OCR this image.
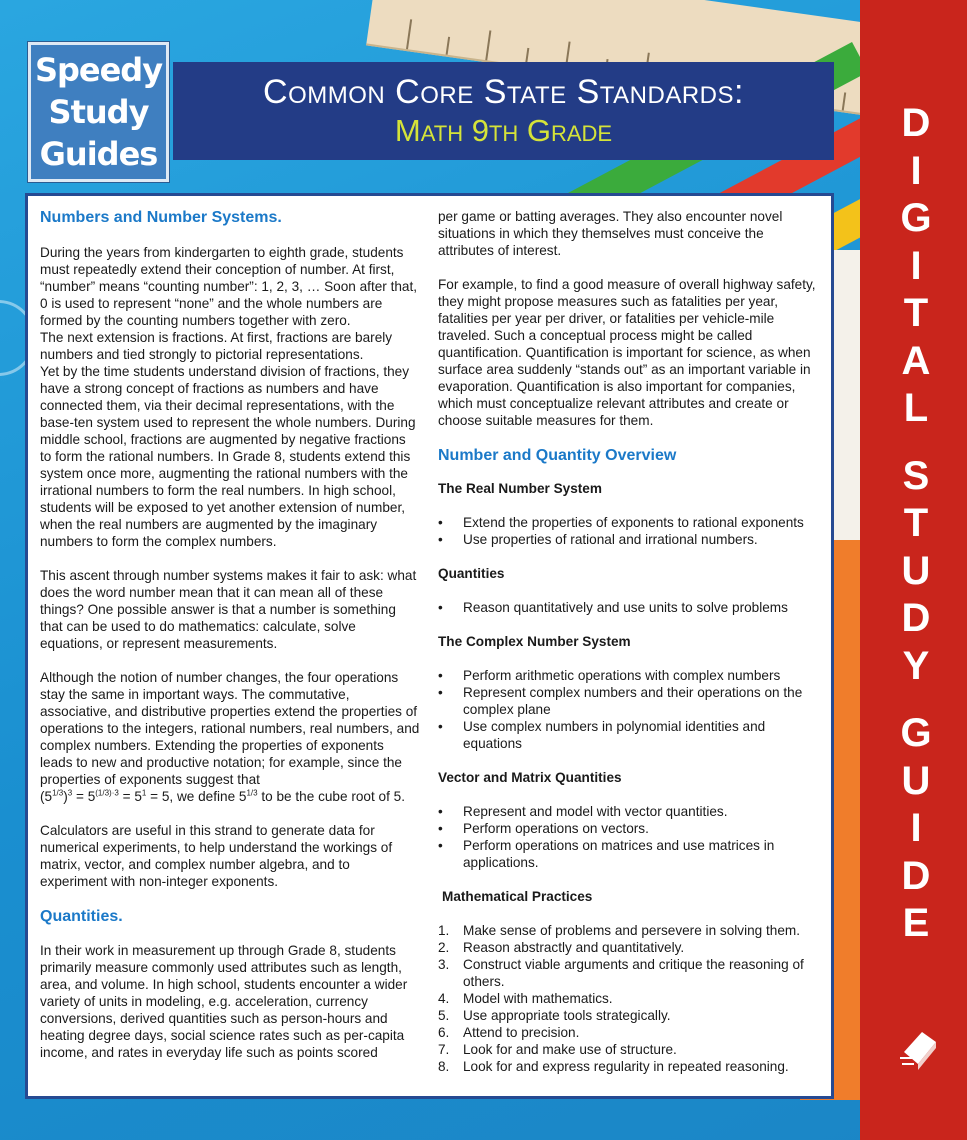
Speedy
Study
Guides
Common Core State Standards:
Math 9th Grade	D
I
G
I
T
A
L
S
T
U
D
Y
G
U
I
D
E
Numbers and Number Systems.

During the years from kindergarten to eighth grade, students must repeatedly extend their conception of number. At first, “number” means “counting number”: 1, 2, 3, … Soon after that, 0 is used to represent “none” and the whole numbers are formed by the counting numbers together with zero.

The next extension is fractions. At first, fractions are barely numbers and tied strongly to pictorial representations.

Yet by the time students understand division of fractions, they have a strong concept of fractions as numbers and have connected them, via their decimal representations, with the base-ten system used to represent the whole numbers. During middle school, fractions are augmented by negative fractions to form the rational numbers. In Grade 8, students extend this system once more, augmenting the rational numbers with the irrational numbers to form the real numbers. In high school, students will be exposed to yet another extension of number, when the real numbers are augmented by the imaginary numbers to form the complex numbers.

This ascent through number systems makes it fair to ask: what does the word number mean that it can mean all of these things? One possible answer is that a number is something that can be used to do mathematics: calculate, solve equations, or represent measurements.

Although the notion of number changes, the four operations stay the same in important ways. The commutative, associative, and distributive properties extend the properties of operations to the integers, rational numbers, real numbers, and complex numbers. Extending the properties of exponents leads to new and productive notation; for example, since the properties of exponents suggest that

$(5^{1/3})^3 = 5^{(1/3)\cdot 3} = 5^1 = 5$, we define $5^{1/3}$ to be the cube root of 5.

Calculators are useful in this strand to generate data for numerical experiments, to help understand the workings of matrix, vector, and complex number algebra, and to experiment with non-integer exponents.

Quantities.

In their work in measurement up through Grade 8, students primarily measure commonly used attributes such as length, area, and volume. In high school, students encounter a wider variety of units in modeling, e.g. acceleration, currency conversions, derived quantities such as person-hours and heating degree days, social science rates such as per-capita income, and rates in everyday life such as points scored

per game or batting averages. They also encounter novel situations in which they themselves must conceive the attributes of interest.

For example, to find a good measure of overall highway safety, they might propose measures such as fatalities per year, fatalities per year per driver, or fatalities per vehicle-mile traveled. Such a conceptual process might be called quantification. Quantification is important for science, as when surface area suddenly “stands out” as an important variable in evaporation. Quantification is also important for companies, which must conceptualize relevant attributes and create or choose suitable measures for them.

Number and Quantity Overview
The Real Number System
•	Extend the properties of exponents to rational exponents
•	Use properties of rational and irrational numbers.
Quantities
•	Reason quantitatively and use units to solve problems
The Complex Number System
•	Perform arithmetic operations with complex numbers
•	Represent complex numbers and their operations on the complex plane
•	Use complex numbers in polynomial identities and equations
Vector and Matrix Quantities
•	Represent and model with vector quantities.
•	Perform operations on vectors.
•	Perform operations on matrices and use matrices in applications.
Mathematical Practices
1.	Make sense of problems and persevere in solving them.
2.	Reason abstractly and quantitatively.
3.	Construct viable arguments and critique the reasoning of others.
4.	Model with mathematics.
5.	Use appropriate tools strategically.
6.	Attend to precision.
7.	Look for and make use of structure.
8.	Look for and express regularity in repeated reasoning.
